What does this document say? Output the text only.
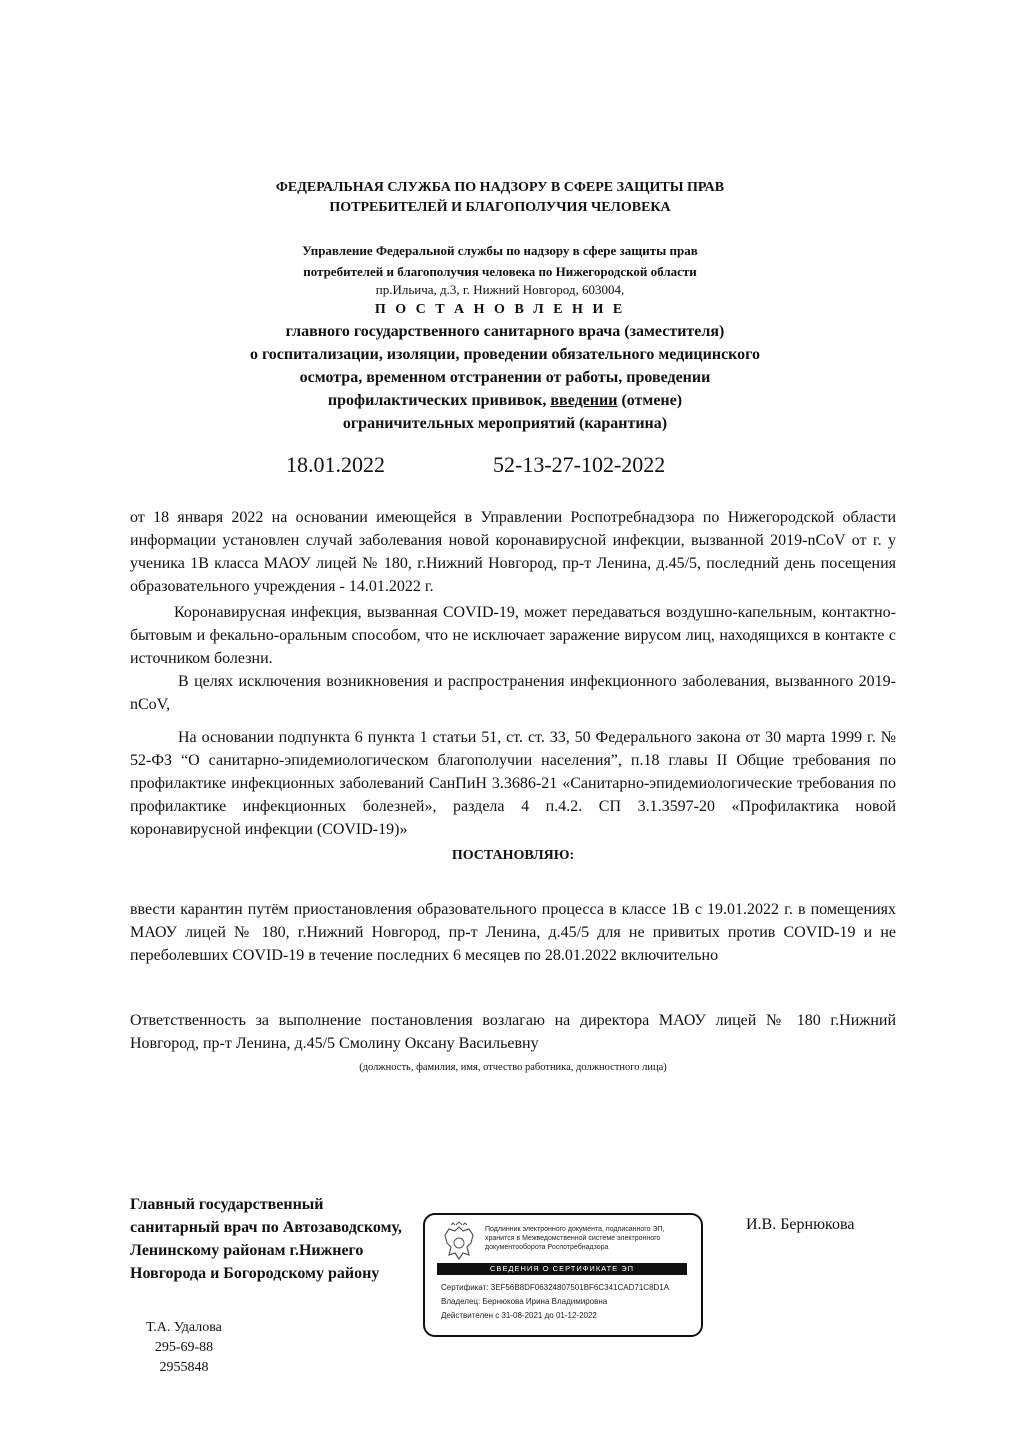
ФЕДЕРАЛЬНАЯ СЛУЖБА ПО НАДЗОРУ В СФЕРЕ ЗАЩИТЫ ПРАВ
ПОТРЕБИТЕЛЕЙ И БЛАГОПОЛУЧИЯ ЧЕЛОВЕКА
Управление Федеральной службы по надзору в сфере защиты прав
потребителей и благополучия человека по Нижегородской области
пр.Ильича, д.3, г. Нижний Новгород, 603004,
П О С Т А Н О В Л Е Н И Е
главного государственного санитарного врача (заместителя)
о госпитализации, изоляции, проведении обязательного медицинского
осмотра, временном отстранении от работы, проведении
профилактических прививок, введении (отмене)
ограничительных мероприятий (карантина)
18.01.2022	52-13-27-102-2022
от 18 января 2022 на основании имеющейся в Управлении Роспотребнадзора по Нижегородской области информации установлен случай заболевания новой коронавирусной инфекции, вызванной 2019-nCoV от г. у ученика 1В класса МАОУ лицей № 180, г.Нижний Новгород, пр-т Ленина, д.45/5, последний день посещения образовательного учреждения - 14.01.2022 г.
Коронавирусная инфекция, вызванная COVID-19, может передаваться воздушно-капельным, контактно-бытовым и фекально-оральным способом, что не исключает заражение вирусом лиц, находящихся в контакте с источником болезни.
В целях исключения возникновения и распространения инфекционного заболевания, вызванного 2019-nCoV,
На основании подпункта 6 пункта 1 статьи 51, ст. ст. 33, 50 Федерального закона от 30 марта 1999 г. № 52-ФЗ “О санитарно-эпидемиологическом благополучии населения”, п.18 главы II Общие требования по профилактике инфекционных заболеваний СанПиН 3.3686-21 «Санитарно-эпидемиологические требования по профилактике инфекционных болезней», раздела 4 п.4.2. СП 3.1.3597-20 «Профилактика новой коронавирусной инфекции (COVID-19)»
ПОСТАНОВЛЯЮ:
ввести карантин путём приостановления образовательного процесса в классе 1В с 19.01.2022 г. в помещениях МАОУ лицей № 180, г.Нижний Новгород, пр-т Ленина, д.45/5 для не привитых против COVID-19 и не переболевших COVID-19 в течение последних 6 месяцев по 28.01.2022 включительно
Ответственность за выполнение постановления возлагаю на директора МАОУ лицей № 180 г.Нижний Новгород, пр-т Ленина, д.45/5 Смолину Оксану Васильевну
(должность, фамилия, имя, отчество работника, должностного лица)
Главный государственный
санитарный врач по Автозаводскому,
Ленинскому районам г.Нижнего
Новгорода и Богородскому району
Подлинник электронного документа, подписанного ЭП,
хранится в Межведомственной системе электронного
документооборота Роспотребнадзора
СВЕДЕНИЯ О СЕРТИФИКАТЕ ЭП
Сертификат: 3EF56B8DF06324807501BF6C341CAD71C8D1A
Владелец: Бернюкова Ирина Владимировна
Действителен с 31-08-2021 до 01-12-2022
И.В. Бернюкова
Т.А. Удалова
295-69-88
2955848
